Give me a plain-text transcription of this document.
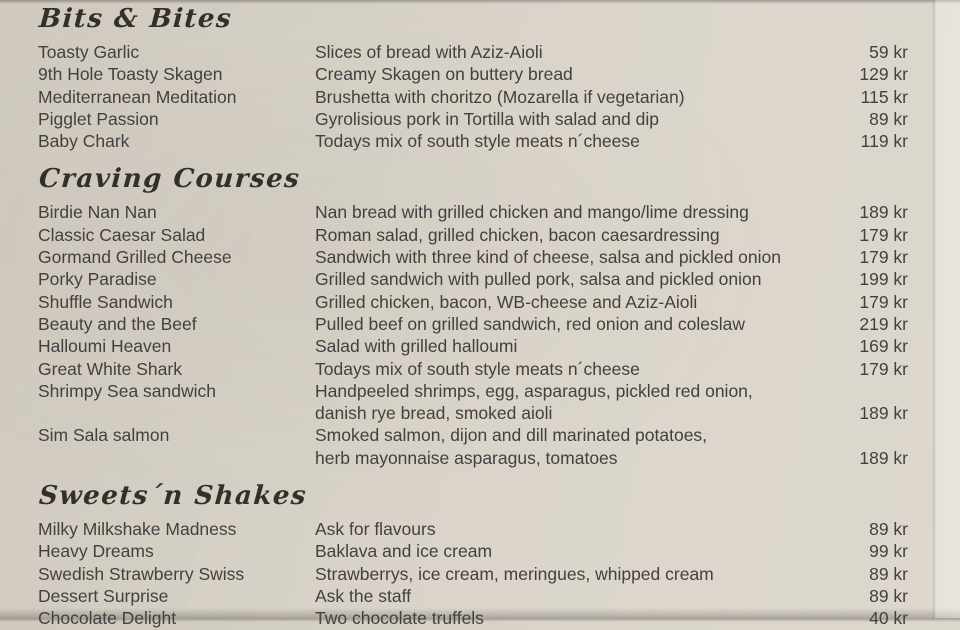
Bits & Bites
Toasty Garlic	Slices of bread with Aziz-Aioli	59 kr
9th Hole Toasty Skagen	Creamy Skagen on buttery bread	129 kr
Mediterranean Meditation	Brushetta with choritzo (Mozarella if vegetarian)	115 kr
Pigglet Passion	Gyrolisious pork in Tortilla with salad and dip	89 kr
Baby Chark	Todays mix of south style meats n´cheese	119 kr
Craving Courses
Birdie Nan Nan	Nan bread with grilled chicken and mango/lime dressing	189 kr
Classic Caesar Salad	Roman salad, grilled chicken, bacon caesardressing	179 kr
Gormand Grilled Cheese	Sandwich with three kind of cheese, salsa and pickled onion	179 kr
Porky Paradise	Grilled sandwich with pulled pork, salsa and pickled onion	199 kr
Shuffle Sandwich	Grilled chicken, bacon, WB-cheese and Aziz-Aioli	179 kr
Beauty and the Beef	Pulled beef on grilled sandwich, red onion and coleslaw	219 kr
Halloumi Heaven	Salad with grilled halloumi	169 kr
Great White Shark	Todays mix of south style meats n´cheese	179 kr
Shrimpy Sea sandwich	Handpeeled shrimps, egg, asparagus, pickled red onion,
danish rye bread, smoked aioli	189 kr
Sim Sala salmon	Smoked salmon, dijon and dill marinated potatoes,
herb mayonnaise asparagus, tomatoes	189 kr
Sweets´n Shakes
Milky Milkshake Madness	Ask for flavours	89 kr
Heavy Dreams	Baklava and ice cream	99 kr
Swedish Strawberry Swiss	Strawberrys, ice cream, meringues, whipped cream	89 kr
Dessert Surprise	Ask the staff	89 kr
Chocolate Delight	Two chocolate truffels	40 kr
